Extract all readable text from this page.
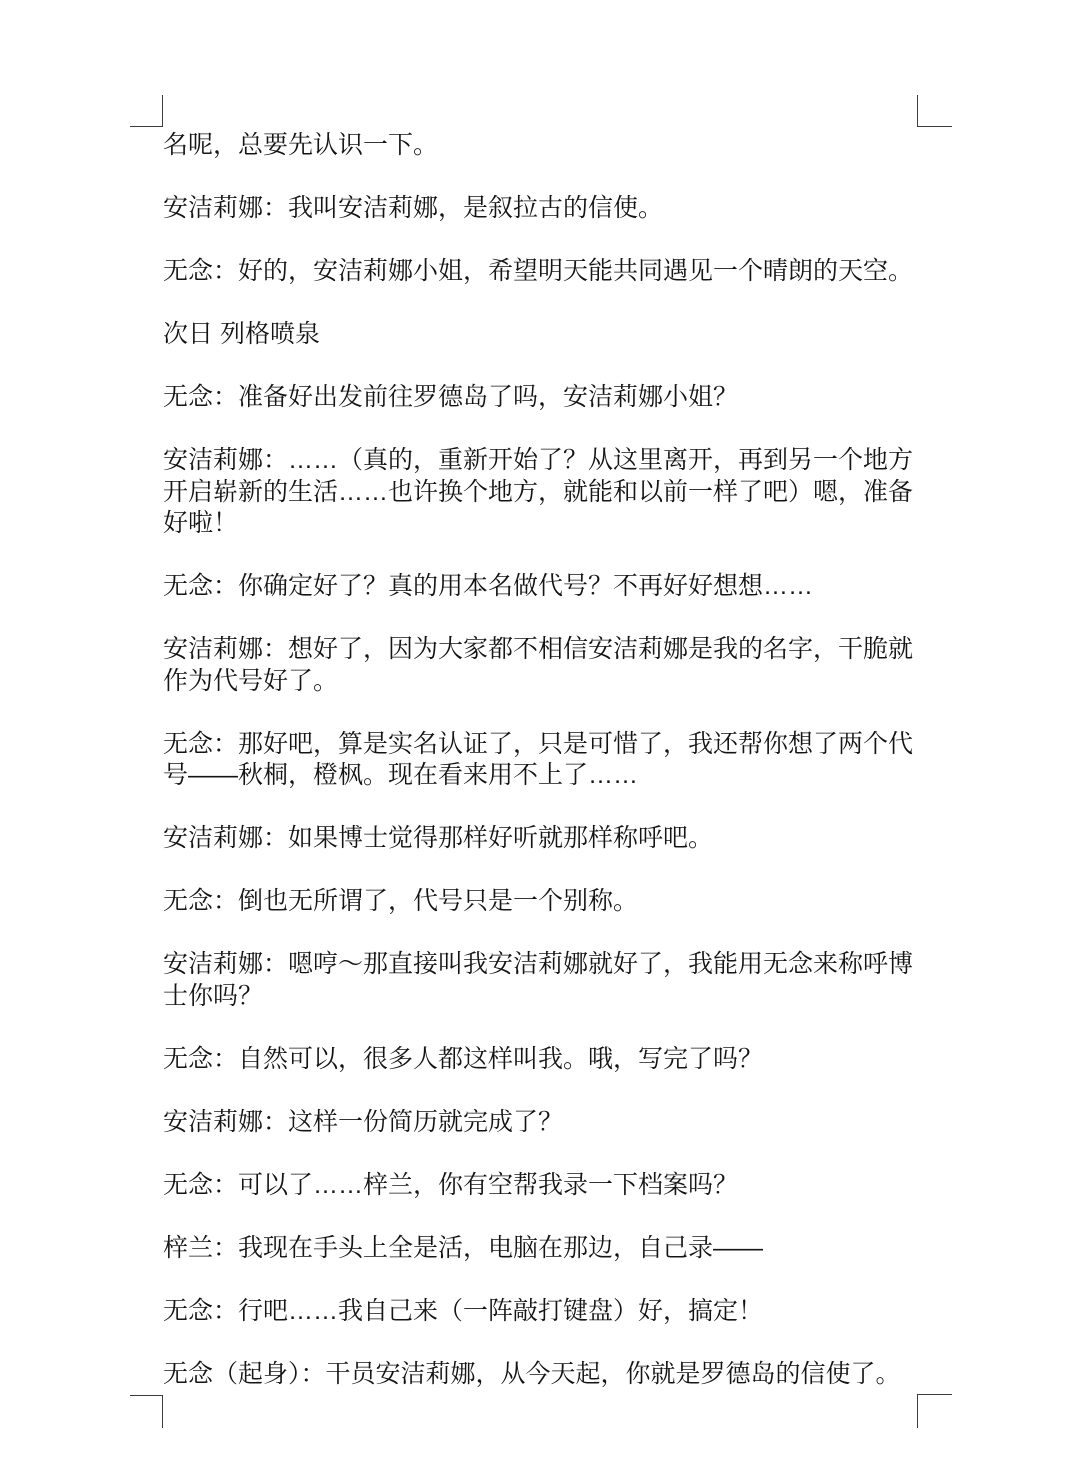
名呢，总要先认识一下。

安洁莉娜：我叫安洁莉娜，是叙拉古的信使。

无念：好的，安洁莉娜小姐，希望明天能共同遇见一个晴朗的天空。

次日 列格喷泉

无念：准备好出发前往罗德岛了吗，安洁莉娜小姐？

安洁莉娜：……（真的，重新开始了？从这里离开，再到另一个地方开启崭新的生活……也许换个地方，就能和以前一样了吧）嗯，准备好啦！

无念：你确定好了？真的用本名做代号？不再好好想想……

安洁莉娜：想好了，因为大家都不相信安洁莉娜是我的名字，干脆就作为代号好了。

无念：那好吧，算是实名认证了，只是可惜了，我还帮你想了两个代号——秋桐，橙枫。现在看来用不上了……

安洁莉娜：如果博士觉得那样好听就那样称呼吧。

无念：倒也无所谓了，代号只是一个别称。

安洁莉娜：嗯哼～那直接叫我安洁莉娜就好了，我能用无念来称呼博士你吗？

无念：自然可以，很多人都这样叫我。哦，写完了吗？

安洁莉娜：这样一份简历就完成了？

无念：可以了……梓兰，你有空帮我录一下档案吗？

梓兰：我现在手头上全是活，电脑在那边，自己录——

无念：行吧……我自己来（一阵敲打键盘）好，搞定！

无念（起身）：干员安洁莉娜，从今天起，你就是罗德岛的信使了。
